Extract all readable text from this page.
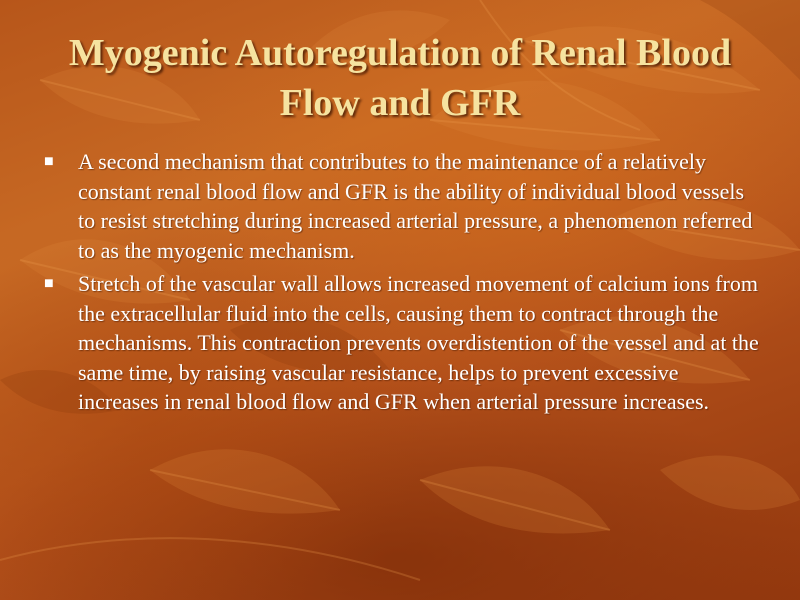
Myogenic Autoregulation of Renal Blood Flow and GFR
■ A second mechanism that contributes to the maintenance of a relatively constant renal blood flow and GFR is the ability of individual blood vessels to resist stretching during increased arterial pressure, a phenomenon referred to as the myogenic mechanism.
■ Stretch of the vascular wall allows increased movement of calcium ions from the extracellular fluid into the cells, causing them to contract through the mechanisms. This contraction prevents overdistention of the vessel and at the same time, by raising vascular resistance, helps to prevent excessive increases in renal blood flow and GFR when arterial pressure increases.
